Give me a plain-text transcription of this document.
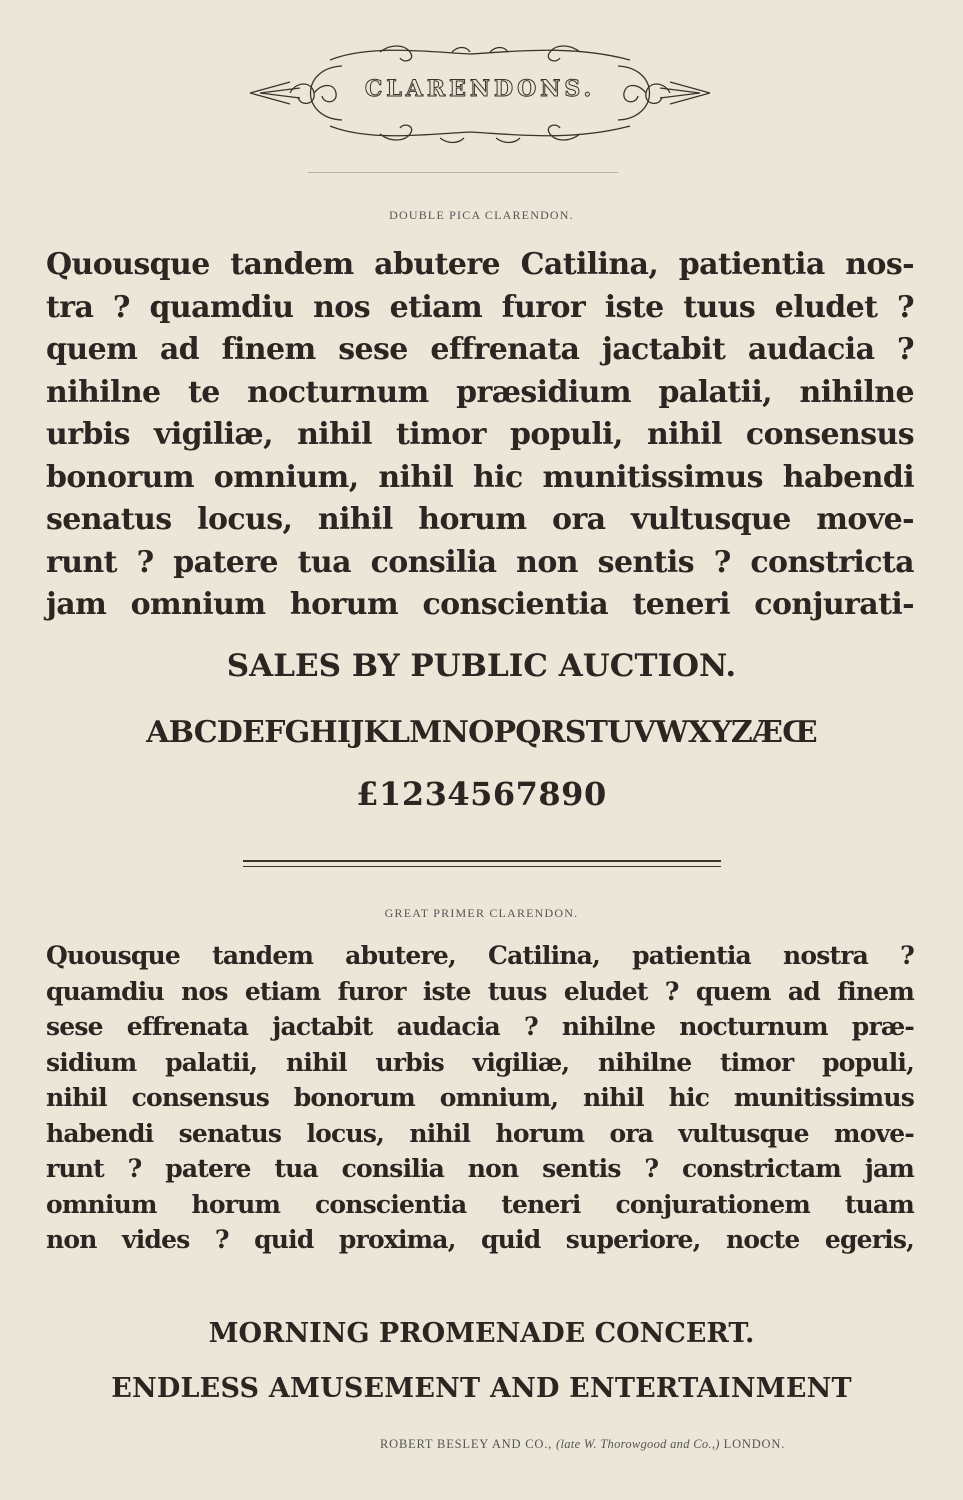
CLARENDONS.
DOUBLE PICA CLARENDON.
Quousque tandem abutere Catilina, patientia nos-
tra ? quamdiu nos etiam furor iste tuus eludet ?
quem ad finem sese effrenata jactabit audacia ?
nihilne te nocturnum præsidium palatii, nihilne
urbis vigiliæ, nihil timor populi, nihil consensus
bonorum omnium, nihil hic munitissimus habendi
senatus locus, nihil horum ora vultusque move-
runt ? patere tua consilia non sentis ? constricta
jam omnium horum conscientia teneri conjurati-
SALES BY PUBLIC AUCTION.
ABCDEFGHIJKLMNOPQRSTUVWXYZÆŒ
£1234567890
GREAT PRIMER CLARENDON.
Quousque tandem abutere, Catilina, patientia nostra ?
quamdiu nos etiam furor iste tuus eludet ? quem ad finem
sese effrenata jactabit audacia ? nihilne nocturnum præ-
sidium palatii, nihil urbis vigiliæ, nihilne timor populi,
nihil consensus bonorum omnium, nihil hic munitissimus
habendi senatus locus, nihil horum ora vultusque move-
runt ? patere tua consilia non sentis ? constrictam jam
omnium horum conscientia teneri conjurationem tuam
non vides ? quid proxima, quid superiore, nocte egeris,
MORNING PROMENADE CONCERT.
ENDLESS AMUSEMENT AND ENTERTAINMENT
ROBERT BESLEY AND CO., (late W. Thorowgood and Co.,) LONDON.
